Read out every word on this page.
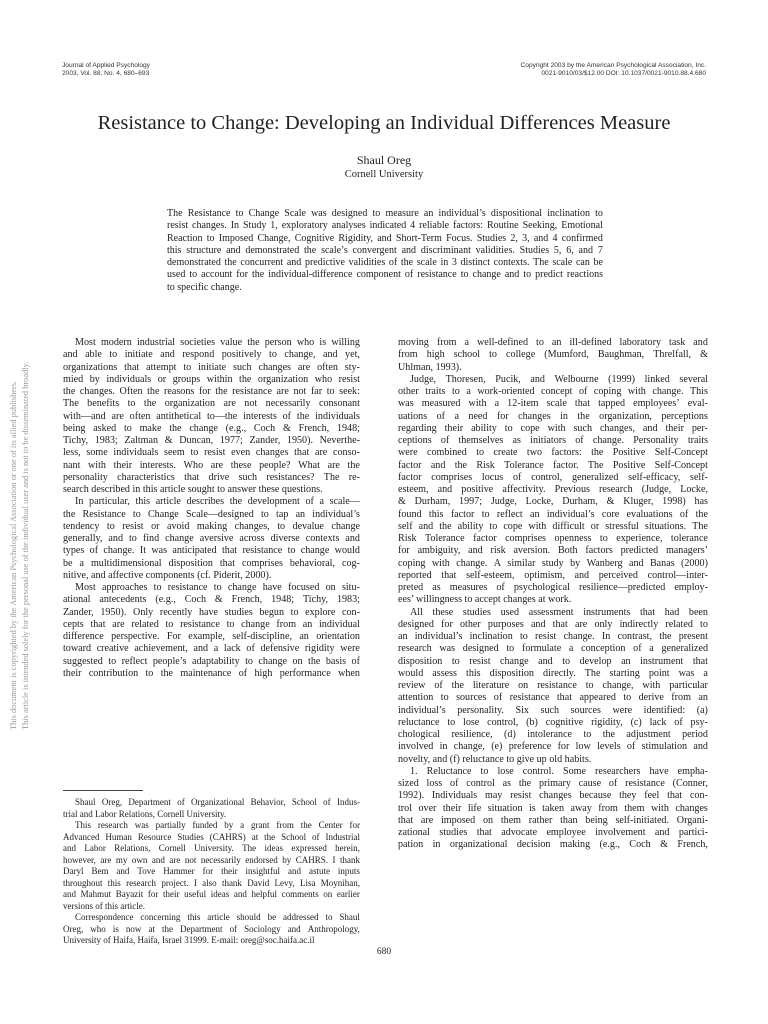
Journal of Applied Psychology
2003, Vol. 88, No. 4, 680–693
Copyright 2003 by the American Psychological Association, Inc.
0021-9010/03/$12.00 DOI: 10.1037/0021-9010.88.4.680
Resistance to Change: Developing an Individual Differences Measure
Shaul Oreg
Cornell University
The Resistance to Change Scale was designed to measure an individual’s dispositional inclination to
resist changes. In Study 1, exploratory analyses indicated 4 reliable factors: Routine Seeking, Emotional
Reaction to Imposed Change, Cognitive Rigidity, and Short-Term Focus. Studies 2, 3, and 4 confirmed
this structure and demonstrated the scale’s convergent and discriminant validities. Studies 5, 6, and 7
demonstrated the concurrent and predictive validities of the scale in 3 distinct contexts. The scale can be
used to account for the individual-difference component of resistance to change and to predict reactions
to specific change.
Most modern industrial societies value the person who is willing
and able to initiate and respond positively to change, and yet,
organizations that attempt to initiate such changes are often sty-
mied by individuals or groups within the organization who resist
the changes. Often the reasons for the resistance are not far to seek:
The benefits to the organization are not necessarily consonant
with—and are often antithetical to—the interests of the individuals
being asked to make the change (e.g., Coch & French, 1948;
Tichy, 1983; Zaltman & Duncan, 1977; Zander, 1950). Neverthe-
less, some individuals seem to resist even changes that are conso-
nant with their interests. Who are these people? What are the
personality characteristics that drive such resistances? The re-
search described in this article sought to answer these questions.
In particular, this article describes the development of a scale—
the Resistance to Change Scale—designed to tap an individual’s
tendency to resist or avoid making changes, to devalue change
generally, and to find change aversive across diverse contexts and
types of change. It was anticipated that resistance to change would
be a multidimensional disposition that comprises behavioral, cog-
nitive, and affective components (cf. Piderit, 2000).
Most approaches to resistance to change have focused on situ-
ational antecedents (e.g., Coch & French, 1948; Tichy, 1983;
Zander, 1950). Only recently have studies begun to explore con-
cepts that are related to resistance to change from an individual
difference perspective. For example, self-discipline, an orientation
toward creative achievement, and a lack of defensive rigidity were
suggested to reflect people’s adaptability to change on the basis of
their contribution to the maintenance of high performance when
moving from a well-defined to an ill-defined laboratory task and
from high school to college (Mumford, Baughman, Threlfall, &
Uhlman, 1993).
Judge, Thoresen, Pucik, and Welbourne (1999) linked several
other traits to a work-oriented concept of coping with change. This
was measured with a 12-item scale that tapped employees’ eval-
uations of a need for changes in the organization, perceptions
regarding their ability to cope with such changes, and their per-
ceptions of themselves as initiators of change. Personality traits
were combined to create two factors: the Positive Self-Concept
factor and the Risk Tolerance factor. The Positive Self-Concept
factor comprises locus of control, generalized self-efficacy, self-
esteem, and positive affectivity. Previous research (Judge, Locke,
& Durham, 1997; Judge, Locke, Durham, & Kluger, 1998) has
found this factor to reflect an individual’s core evaluations of the
self and the ability to cope with difficult or stressful situations. The
Risk Tolerance factor comprises openness to experience, tolerance
for ambiguity, and risk aversion. Both factors predicted managers’
coping with change. A similar study by Wanberg and Banas (2000)
reported that self-esteem, optimism, and perceived control—inter-
preted as measures of psychological resilience—predicted employ-
ees’ willingness to accept changes at work.
All these studies used assessment instruments that had been
designed for other purposes and that are only indirectly related to
an individual’s inclination to resist change. In contrast, the present
research was designed to formulate a conception of a generalized
disposition to resist change and to develop an instrument that
would assess this disposition directly. The starting point was a
review of the literature on resistance to change, with particular
attention to sources of resistance that appeared to derive from an
individual’s personality. Six such sources were identified: (a)
reluctance to lose control, (b) cognitive rigidity, (c) lack of psy-
chological resilience, (d) intolerance to the adjustment period
involved in change, (e) preference for low levels of stimulation and
novelty, and (f) reluctance to give up old habits.
1. Reluctance to lose control. Some researchers have empha-
sized loss of control as the primary cause of resistance (Conner,
1992). Individuals may resist changes because they feel that con-
trol over their life situation is taken away from them with changes
that are imposed on them rather than being self-initiated. Organi-
zational studies that advocate employee involvement and partici-
pation in organizational decision making (e.g., Coch & French,
Shaul Oreg, Department of Organizational Behavior, School of Indus-
trial and Labor Relations, Cornell University.
This research was partially funded by a grant from the Center for
Advanced Human Resource Studies (CAHRS) at the School of Industrial
and Labor Relations, Cornell University. The ideas expressed herein,
however, are my own and are not necessarily endorsed by CAHRS. I thank
Daryl Bem and Tove Hammer for their insightful and astute inputs
throughout this research project. I also thank David Levy, Lisa Moynihan,
and Mahmut Bayazit for their useful ideas and helpful comments on earlier
versions of this article.
Correspondence concerning this article should be addressed to Shaul
Oreg, who is now at the Department of Sociology and Anthropology,
University of Haifa, Haifa, Israel 31999. E-mail: oreg@soc.haifa.ac.il
680
This document is copyrighted by the American Psychological Association or one of its allied publishers. This article is intended solely for the personal use of the individual user and is not to be disseminated broadly.
